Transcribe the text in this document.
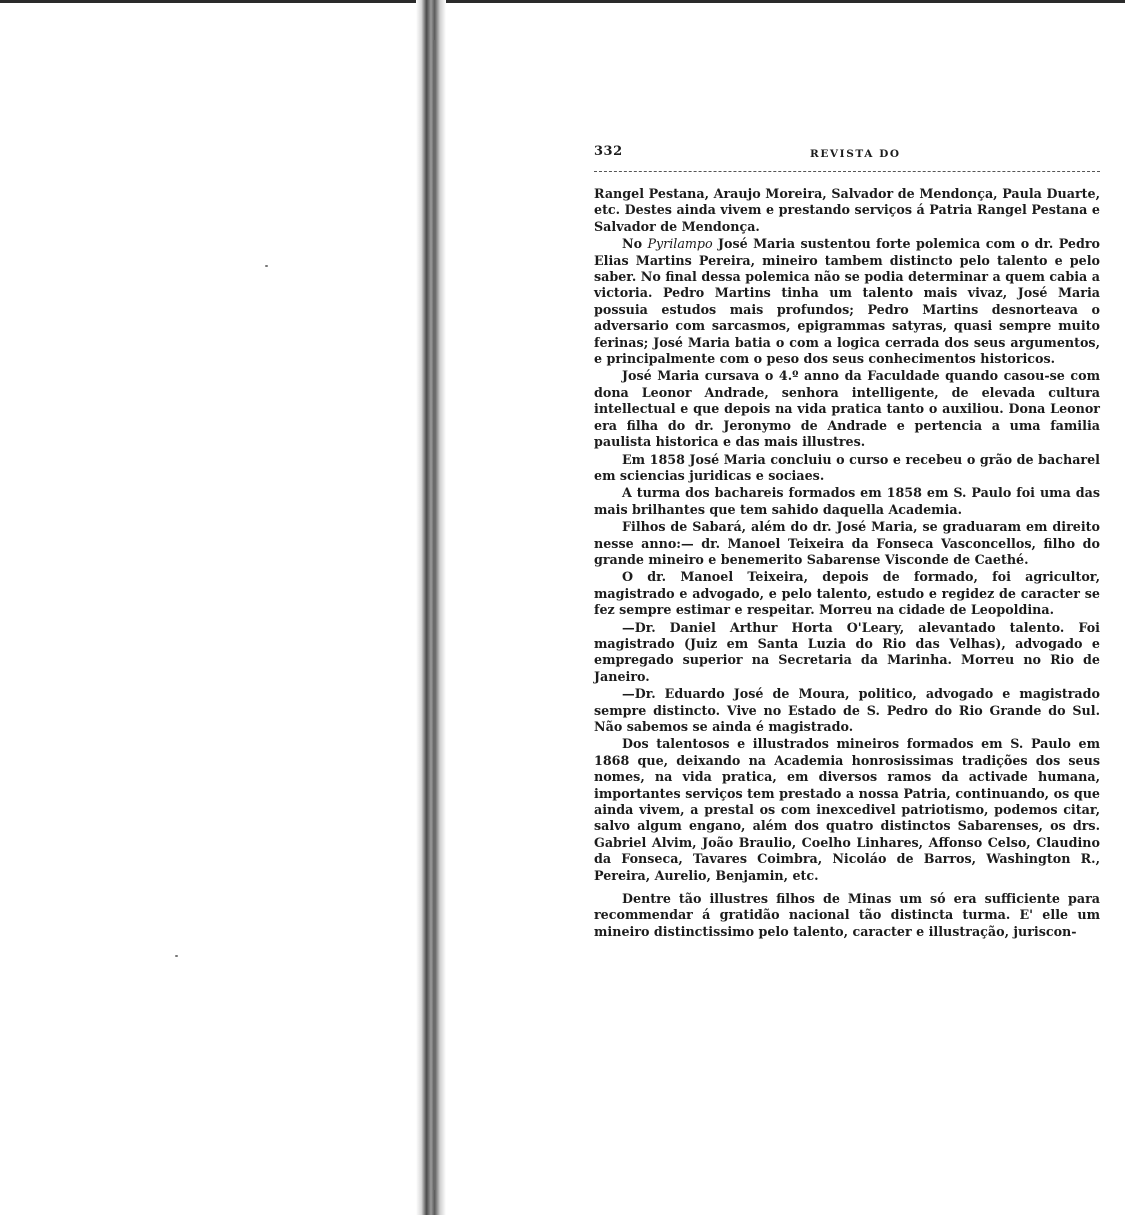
332	REVISTA DO

Rangel Pestana, Araujo Moreira, Salvador de Mendonça, Paula Duarte, etc. Destes ainda vivem e prestando serviços á Patria Rangel Pestana e Salvador de Mendonça.

No Pyrilampo José Maria sustentou forte polemica com o dr. Pedro Elias Martins Pereira, mineiro tambem distincto pelo talento e pelo saber. No final dessa polemica não se podia determinar a quem cabia a victoria. Pedro Martins tinha um talento mais vivaz, José Maria possuia estudos mais profundos; Pedro Martins desnorteava o adversario com sarcasmos, epigrammas satyras, quasi sempre muito ferinas; José Maria batia o com a logica cerrada dos seus argumentos, e principalmente com o peso dos seus conhecimentos historicos.

José Maria cursava o 4.º anno da Faculdade quando casou-se com dona Leonor Andrade, senhora intelligente, de elevada cultura intellectual e que depois na vida pratica tanto o auxiliou. Dona Leonor era filha do dr. Jeronymo de Andrade e pertencia a uma familia paulista historica e das mais illustres.

Em 1858 José Maria concluiu o curso e recebeu o grão de bacharel em sciencias juridicas e sociaes.

A turma dos bachareis formados em 1858 em S. Paulo foi uma das mais brilhantes que tem sahido daquella Academia.

Filhos de Sabará, além do dr. José Maria, se graduaram em direito nesse anno:— dr. Manoel Teixeira da Fonseca Vasconcellos, filho do grande mineiro e benemerito Sabarense Visconde de Caethé.

O dr. Manoel Teixeira, depois de formado, foi agricultor, magistrado e advogado, e pelo talento, estudo e regidez de caracter se fez sempre estimar e respeitar. Morreu na cidade de Leopoldina.

—Dr. Daniel Arthur Horta O'Leary, alevantado talento. Foi magistrado (Juiz em Santa Luzia do Rio das Velhas), advogado e empregado superior na Secretaria da Marinha. Morreu no Rio de Janeiro.

—Dr. Eduardo José de Moura, politico, advogado e magistrado sempre distincto. Vive no Estado de S. Pedro do Rio Grande do Sul. Não sabemos se ainda é magistrado.

Dos talentosos e illustrados mineiros formados em S. Paulo em 1868 que, deixando na Academia honrosissimas tradições dos seus nomes, na vida pratica, em diversos ramos da activade humana, importantes serviços tem prestado a nossa Patria, continuando, os que ainda vivem, a prestal os com inexcedivel patriotismo, podemos citar, salvo algum engano, além dos quatro distinctos Sabarenses, os drs. Gabriel Alvim, João Braulio, Coelho Linhares, Affonso Celso, Claudino da Fonseca, Tavares Coimbra, Nicoláo de Barros, Washington R., Pereira, Aurelio, Benjamin, etc.

Dentre tão illustres filhos de Minas um só era sufficiente para recommendar á gratidão nacional tão distincta turma. E' elle um mineiro distinctissimo pelo talento, caracter e illustração, juriscon-
